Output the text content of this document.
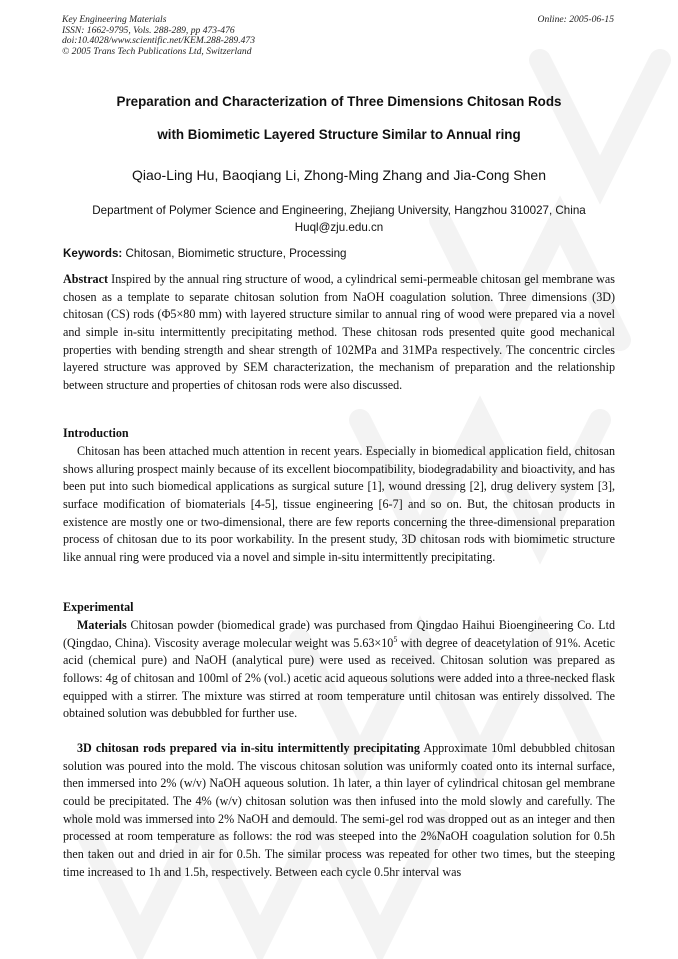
Key Engineering Materials
ISSN: 1662-9795, Vols. 288-289, pp 473-476
doi:10.4028/www.scientific.net/KEM.288-289.473
© 2005 Trans Tech Publications Ltd, Switzerland
Online: 2005-06-15
Preparation and Characterization of Three Dimensions Chitosan Rods
with Biomimetic Layered Structure Similar to Annual ring
Qiao-Ling Hu, Baoqiang Li, Zhong-Ming Zhang and Jia-Cong Shen
Department of Polymer Science and Engineering, Zhejiang University, Hangzhou 310027, China
Huql@zju.edu.cn
Keywords: Chitosan, Biomimetic structure, Processing
Abstract Inspired by the annual ring structure of wood, a cylindrical semi-permeable chitosan gel membrane was chosen as a template to separate chitosan solution from NaOH coagulation solution. Three dimensions (3D) chitosan (CS) rods (Φ5×80 mm) with layered structure similar to annual ring of wood were prepared via a novel and simple in-situ intermittently precipitating method. These chitosan rods presented quite good mechanical properties with bending strength and shear strength of 102MPa and 31MPa respectively. The concentric circles layered structure was approved by SEM characterization, the mechanism of preparation and the relationship between structure and properties of chitosan rods were also discussed.
Introduction
Chitosan has been attached much attention in recent years. Especially in biomedical application field, chitosan shows alluring prospect mainly because of its excellent biocompatibility, biodegradability and bioactivity, and has been put into such biomedical applications as surgical suture [1], wound dressing [2], drug delivery system [3], surface modification of biomaterials [4-5], tissue engineering [6-7] and so on. But, the chitosan products in existence are mostly one or two-dimensional, there are few reports concerning the three-dimensional preparation process of chitosan due to its poor workability. In the present study, 3D chitosan rods with biomimetic structure like annual ring were produced via a novel and simple in-situ intermittently precipitating.
Experimental
Materials Chitosan powder (biomedical grade) was purchased from Qingdao Haihui Bioengineering Co. Ltd (Qingdao, China). Viscosity average molecular weight was $5.63\times 10^5$ with degree of deacetylation of 91%. Acetic acid (chemical pure) and NaOH (analytical pure) were used as received. Chitosan solution was prepared as follows: 4g of chitosan and 100ml of 2% (vol.) acetic acid aqueous solutions were added into a three-necked flask equipped with a stirrer. The mixture was stirred at room temperature until chitosan was entirely dissolved. The obtained solution was debubbled for further use.
3D chitosan rods prepared via in-situ intermittently precipitating Approximate 10ml debubbled chitosan solution was poured into the mold. The viscous chitosan solution was uniformly coated onto its internal surface, then immersed into 2% (w/v) NaOH aqueous solution. 1h later, a thin layer of cylindrical chitosan gel membrane could be precipitated. The 4% (w/v) chitosan solution was then infused into the mold slowly and carefully. The whole mold was immersed into 2% NaOH and demould. The semi-gel rod was dropped out as an integer and then processed at room temperature as follows: the rod was steeped into the 2%NaOH coagulation solution for 0.5h then taken out and dried in air for 0.5h. The similar process was repeated for other two times, but the steeping time increased to 1h and 1.5h, respectively. Between each cycle 0.5hr interval was
